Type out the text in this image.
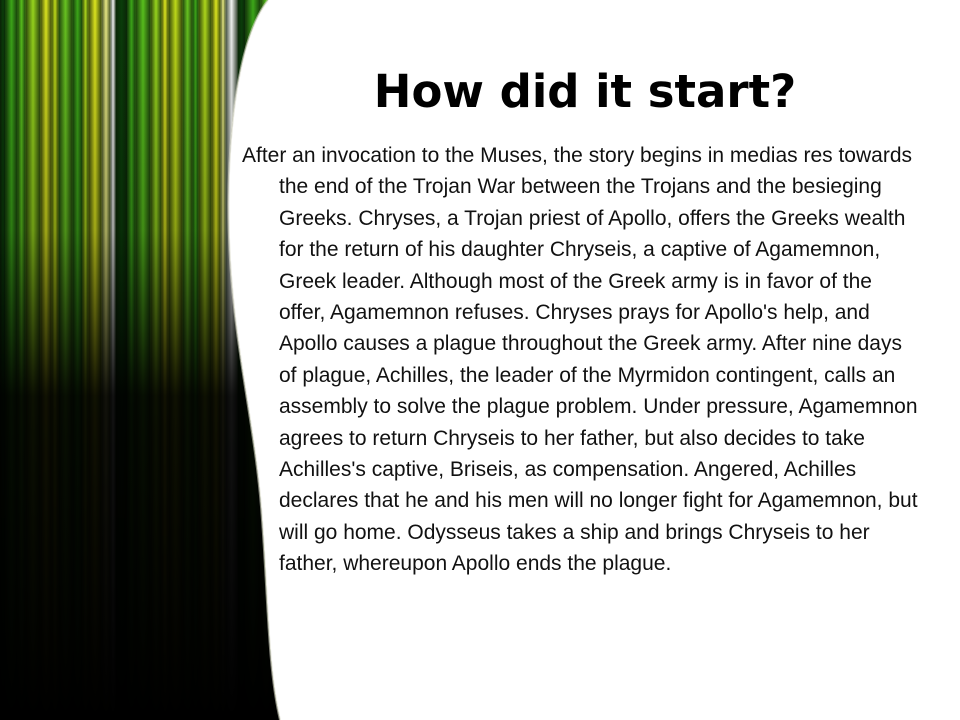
How did it start?

After an invocation to the Muses, the story begins in medias res towards the end of the Trojan War between the Trojans and the besieging Greeks. Chryses, a Trojan priest of Apollo, offers the Greeks wealth for the return of his daughter Chryseis, a captive of Agamemnon, Greek leader. Although most of the Greek army is in favor of the offer, Agamemnon refuses. Chryses prays for Apollo's help, and Apollo causes a plague throughout the Greek army. After nine days of plague, Achilles, the leader of the Myrmidon contingent, calls an assembly to solve the plague problem. Under pressure, Agamemnon agrees to return Chryseis to her father, but also decides to take Achilles's captive, Briseis, as compensation. Angered, Achilles declares that he and his men will no longer fight for Agamemnon, but will go home. Odysseus takes a ship and brings Chryseis to her father, whereupon Apollo ends the plague.
